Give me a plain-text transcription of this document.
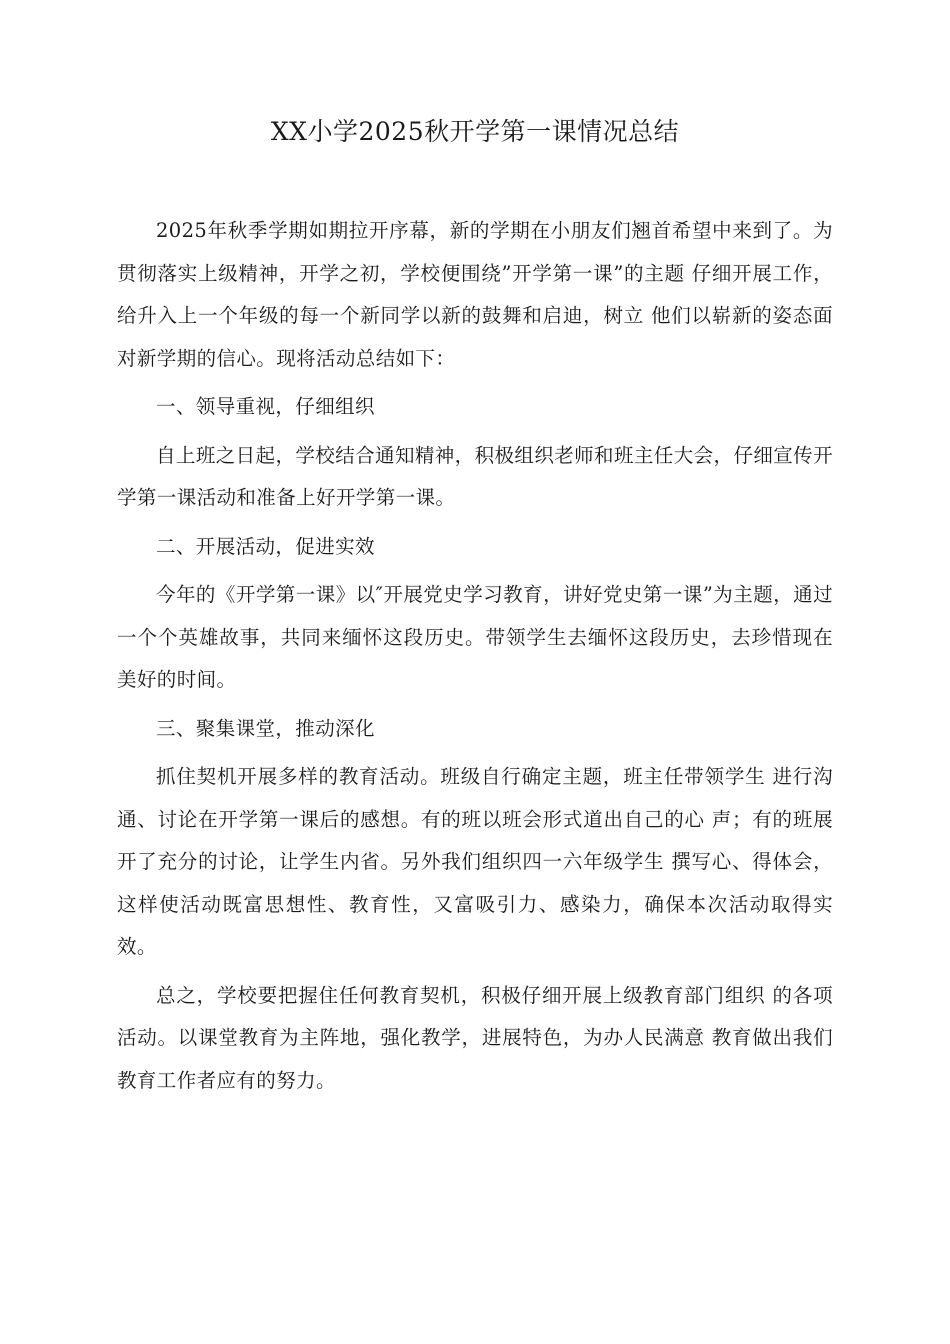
XX小学2025秋开学第一课情况总结

2025年秋季学期如期拉开序幕，新的学期在小朋友们翘首希望中来到了。为贯彻落实上级精神，开学之初，学校便围绕”开学第一课”的主题 仔细开展工作，给升入上一个年级的每一个新同学以新的鼓舞和启迪，树立 他们以崭新的姿态面对新学期的信心。现将活动总结如下：

一、领导重视，仔细组织

自上班之日起，学校结合通知精神，积极组织老师和班主任大会，仔细宣传开学第一课活动和准备上好开学第一课。

二、开展活动，促进实效

今年的《开学第一课》以″开展党史学习教育，讲好党史第一课”为主题，通过一个个英雄故事，共同来缅怀这段历史。带领学生去缅怀这段历史，去珍惜现在美好的时间。

三、聚集课堂，推动深化

抓住契机开展多样的教育活动。班级自行确定主题，班主任带领学生 进行沟通、讨论在开学第一课后的感想。有的班以班会形式道出自己的心 声；有的班展开了充分的讨论，让学生内省。另外我们组织四一六年级学生 撰写心、得体会，这样使活动既富思想性、教育性，又富吸引力、感染力，确保本次活动取得实效。

总之，学校要把握住任何教育契机，积极仔细开展上级教育部门组织 的各项活动。以课堂教育为主阵地，强化教学，进展特色，为办人民满意 教育做出我们教育工作者应有的努力。
